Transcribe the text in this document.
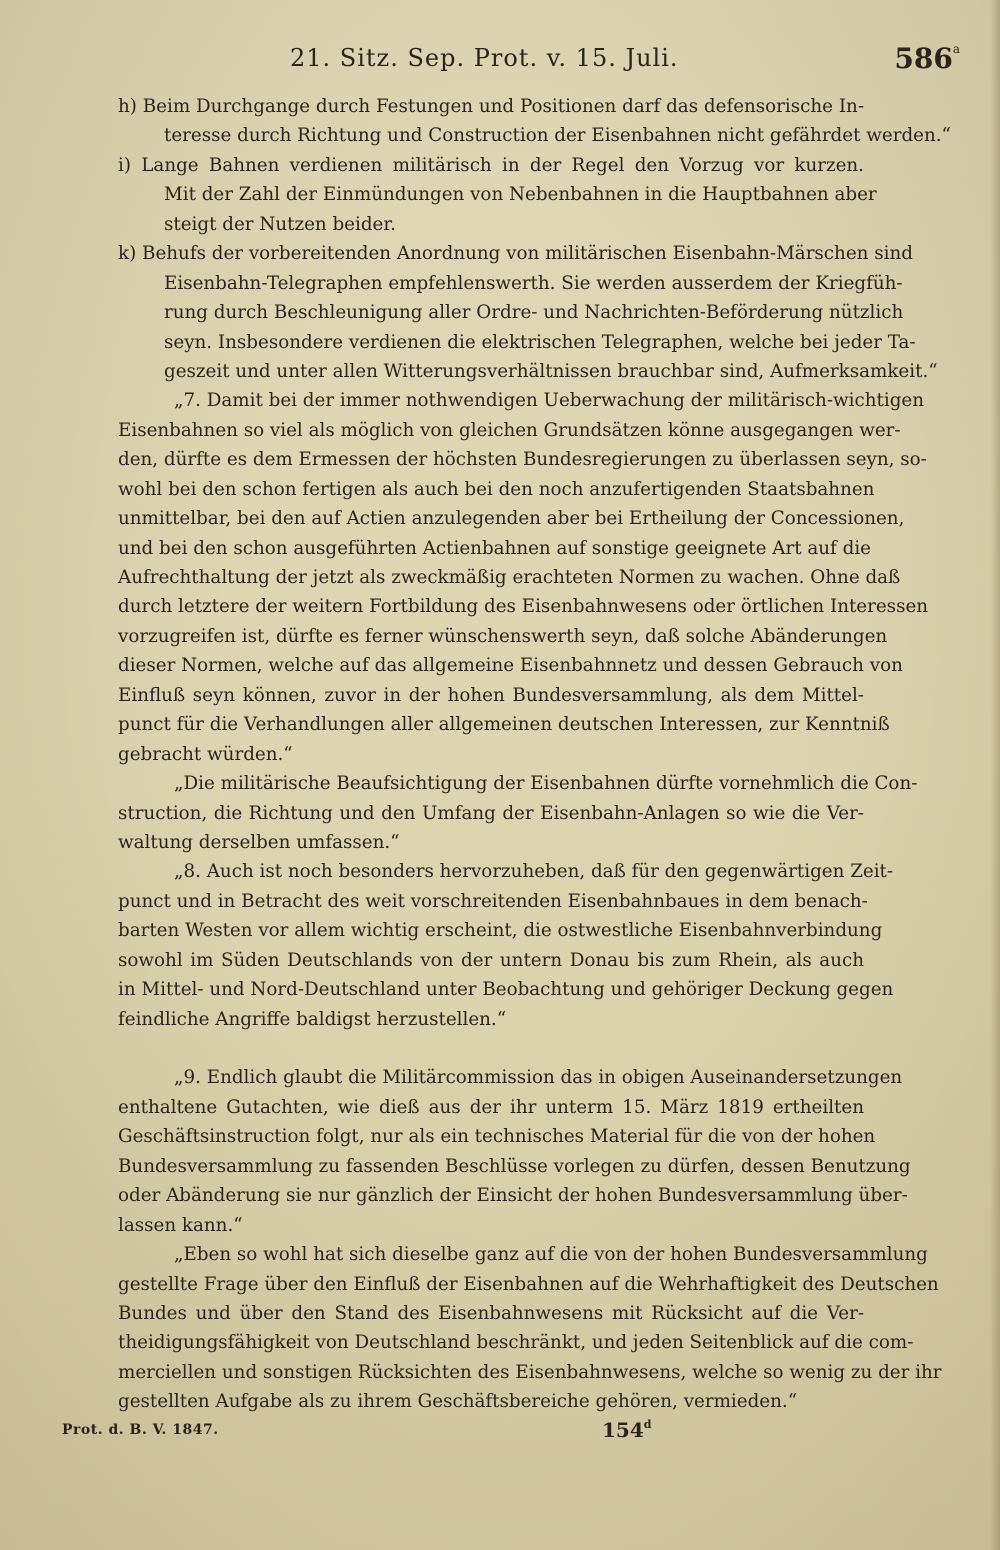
21. Sitz. Sep. Prot. v. 15. Juli.	586$^a$
h) Beim Durchgange durch Festungen und Positionen darf das defensorische In-
teresse durch Richtung und Construction der Eisenbahnen nicht gefährdet werden.“
i) Lange Bahnen verdienen militärisch in der Regel den Vorzug vor kurzen.
Mit der Zahl der Einmündungen von Nebenbahnen in die Hauptbahnen aber
steigt der Nutzen beider.
k) Behufs der vorbereitenden Anordnung von militärischen Eisenbahn-Märschen sind
Eisenbahn-Telegraphen empfehlenswerth. Sie werden ausserdem der Kriegfüh-
rung durch Beschleunigung aller Ordre- und Nachrichten-Beförderung nützlich
seyn. Insbesondere verdienen die elektrischen Telegraphen, welche bei jeder Ta-
geszeit und unter allen Witterungsverhältnissen brauchbar sind, Aufmerksamkeit.“
„7. Damit bei der immer nothwendigen Ueberwachung der militärisch-wichtigen
Eisenbahnen so viel als möglich von gleichen Grundsätzen könne ausgegangen wer-
den, dürfte es dem Ermessen der höchsten Bundesregierungen zu überlassen seyn, so-
wohl bei den schon fertigen als auch bei den noch anzufertigenden Staatsbahnen
unmittelbar, bei den auf Actien anzulegenden aber bei Ertheilung der Concessionen,
und bei den schon ausgeführten Actienbahnen auf sonstige geeignete Art auf die
Aufrechthaltung der jetzt als zweckmäßig erachteten Normen zu wachen. Ohne daß
durch letztere der weitern Fortbildung des Eisenbahnwesens oder örtlichen Interessen
vorzugreifen ist, dürfte es ferner wünschenswerth seyn, daß solche Abänderungen
dieser Normen, welche auf das allgemeine Eisenbahnnetz und dessen Gebrauch von
Einfluß seyn können, zuvor in der hohen Bundesversammlung, als dem Mittel-
punct für die Verhandlungen aller allgemeinen deutschen Interessen, zur Kenntniß
gebracht würden.“
„Die militärische Beaufsichtigung der Eisenbahnen dürfte vornehmlich die Con-
struction, die Richtung und den Umfang der Eisenbahn-Anlagen so wie die Ver-
waltung derselben umfassen.“
„8. Auch ist noch besonders hervorzuheben, daß für den gegenwärtigen Zeit-
punct und in Betracht des weit vorschreitenden Eisenbahnbaues in dem benach-
barten Westen vor allem wichtig erscheint, die ostwestliche Eisenbahnverbindung
sowohl im Süden Deutschlands von der untern Donau bis zum Rhein, als auch
in Mittel- und Nord-Deutschland unter Beobachtung und gehöriger Deckung gegen
feindliche Angriffe baldigst herzustellen.“
„9. Endlich glaubt die Militärcommission das in obigen Auseinandersetzungen
enthaltene Gutachten, wie dieß aus der ihr unterm 15. März 1819 ertheilten
Geschäftsinstruction folgt, nur als ein technisches Material für die von der hohen
Bundesversammlung zu fassenden Beschlüsse vorlegen zu dürfen, dessen Benutzung
oder Abänderung sie nur gänzlich der Einsicht der hohen Bundesversammlung über-
lassen kann.“
„Eben so wohl hat sich dieselbe ganz auf die von der hohen Bundesversammlung
gestellte Frage über den Einfluß der Eisenbahnen auf die Wehrhaftigkeit des Deutschen
Bundes und über den Stand des Eisenbahnwesens mit Rücksicht auf die Ver-
theidigungsfähigkeit von Deutschland beschränkt, und jeden Seitenblick auf die com-
merciellen und sonstigen Rücksichten des Eisenbahnwesens, welche so wenig zu der ihr
gestellten Aufgabe als zu ihrem Geschäftsbereiche gehören, vermieden.“
Prot. d. B. V. 1847.	154$^d$
